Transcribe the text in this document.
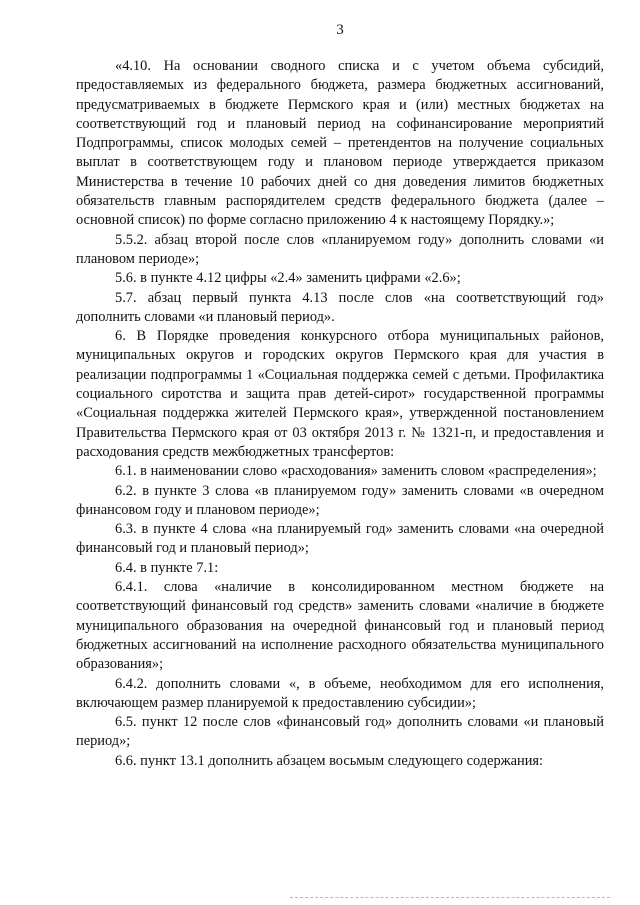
3

«4.10. На основании сводного списка и с учетом объема субсидий, предоставляемых из федерального бюджета, размера бюджетных ассигнований, предусматриваемых в бюджете Пермского края и (или) местных бюджетах на соответствующий год и плановый период на софинансирование мероприятий Подпрограммы, список молодых семей – претендентов на получение социальных выплат в соответствующем году и плановом периоде утверждается приказом Министерства в течение 10 рабочих дней со дня доведения лимитов бюджетных обязательств главным распорядителем средств федерального бюджета (далее – основной список) по форме согласно приложению 4 к настоящему Порядку.»;

5.5.2. абзац второй после слов «планируемом году» дополнить словами «и плановом периоде»;

5.6. в пункте 4.12 цифры «2.4» заменить цифрами «2.6»;

5.7. абзац первый пункта 4.13 после слов «на соответствующий год» дополнить словами «и плановый период».

6. В Порядке проведения конкурсного отбора муниципальных районов, муниципальных округов и городских округов Пермского края для участия в реализации подпрограммы 1 «Социальная поддержка семей с детьми. Профилактика социального сиротства и защита прав детей-сирот» государственной программы «Социальная поддержка жителей Пермского края», утвержденной постановлением Правительства Пермского края от 03 октября 2013 г. № 1321-п, и предоставления и расходования средств межбюджетных трансфертов:

6.1. в наименовании слово «расходования» заменить словом «распределения»;

6.2. в пункте 3 слова «в планируемом году» заменить словами «в очередном финансовом году и плановом периоде»;

6.3. в пункте 4 слова «на планируемый год» заменить словами «на очередной финансовый год и плановый период»;

6.4. в пункте 7.1:

6.4.1. слова «наличие в консолидированном местном бюджете на соответствующий финансовый год средств» заменить словами «наличие в бюджете муниципального образования на очередной финансовый год и плановый период бюджетных ассигнований на исполнение расходного обязательства муниципального образования»;

6.4.2. дополнить словами «, в объеме, необходимом для его исполнения, включающем размер планируемой к предоставлению субсидии»;

6.5. пункт 12 после слов «финансовый год» дополнить словами «и плановый период»;

6.6. пункт 13.1 дополнить абзацем восьмым следующего содержания:
